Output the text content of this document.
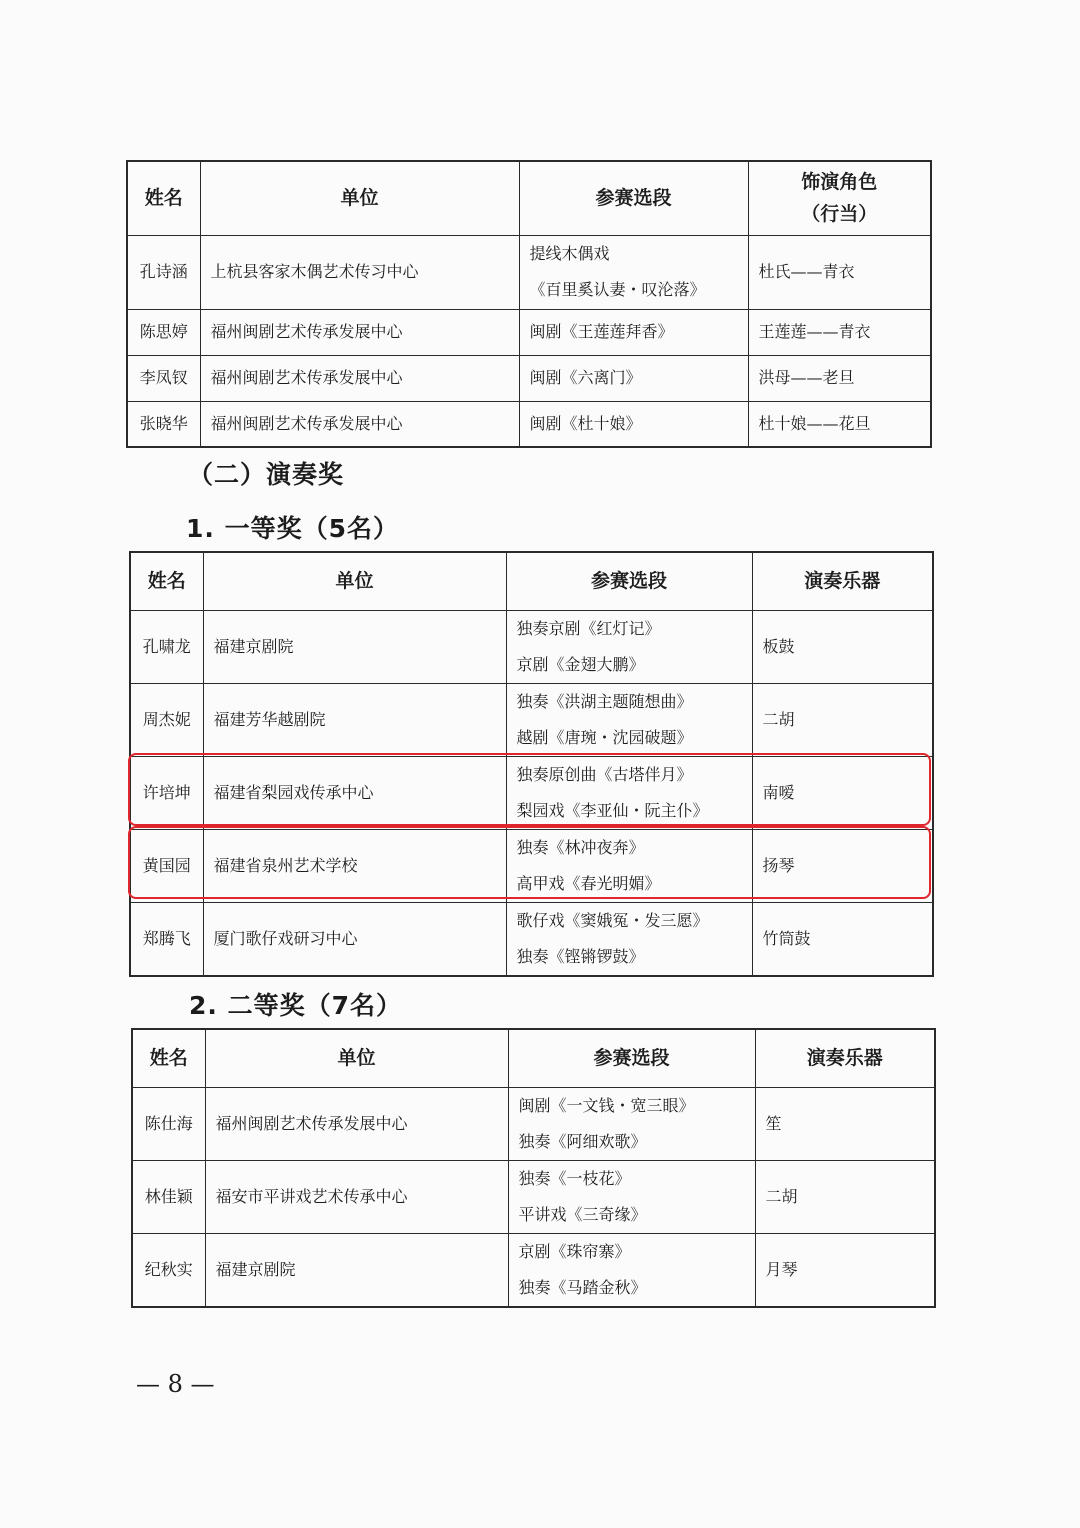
姓名	单位	参赛选段	饰演角色
（行当）

孔诗涵	上杭县客家木偶艺术传习中心	提线木偶戏
《百里奚认妻・叹沦落》	杜氏——青衣
陈思婷	福州闽剧艺术传承发展中心	闽剧《王莲莲拜香》	王莲莲——青衣
李凤钗	福州闽剧艺术传承发展中心	闽剧《六离门》	洪母——老旦
张晓华	福州闽剧艺术传承发展中心	闽剧《杜十娘》	杜十娘——花旦
（二）演奏奖
1. 一等奖（5名）
姓名	单位	参赛选段	演奏乐器
孔啸龙	福建京剧院	独奏京剧《红灯记》
京剧《金翅大鹏》	板鼓
周杰妮	福建芳华越剧院	独奏《洪湖主题随想曲》
越剧《唐琬・沈园破题》	二胡
许培坤	福建省梨园戏传承中心	独奏原创曲《古塔伴月》
梨园戏《李亚仙・阮主仆》	南嗳
黄国园	福建省泉州艺术学校	独奏《林冲夜奔》
高甲戏《春光明媚》	扬琴
郑腾飞	厦门歌仔戏研习中心	歌仔戏《窦娥冤・发三愿》
独奏《铿锵锣鼓》	竹筒鼓
2. 二等奖（7名）
姓名	单位	参赛选段	演奏乐器
陈仕海	福州闽剧艺术传承发展中心	闽剧《一文钱・宽三眼》
独奏《阿细欢歌》	笙
林佳颖	福安市平讲戏艺术传承中心	独奏《一枝花》
平讲戏《三奇缘》	二胡
纪秋实	福建京剧院	京剧《珠帘寨》
独奏《马踏金秋》	月琴
— 8 —
